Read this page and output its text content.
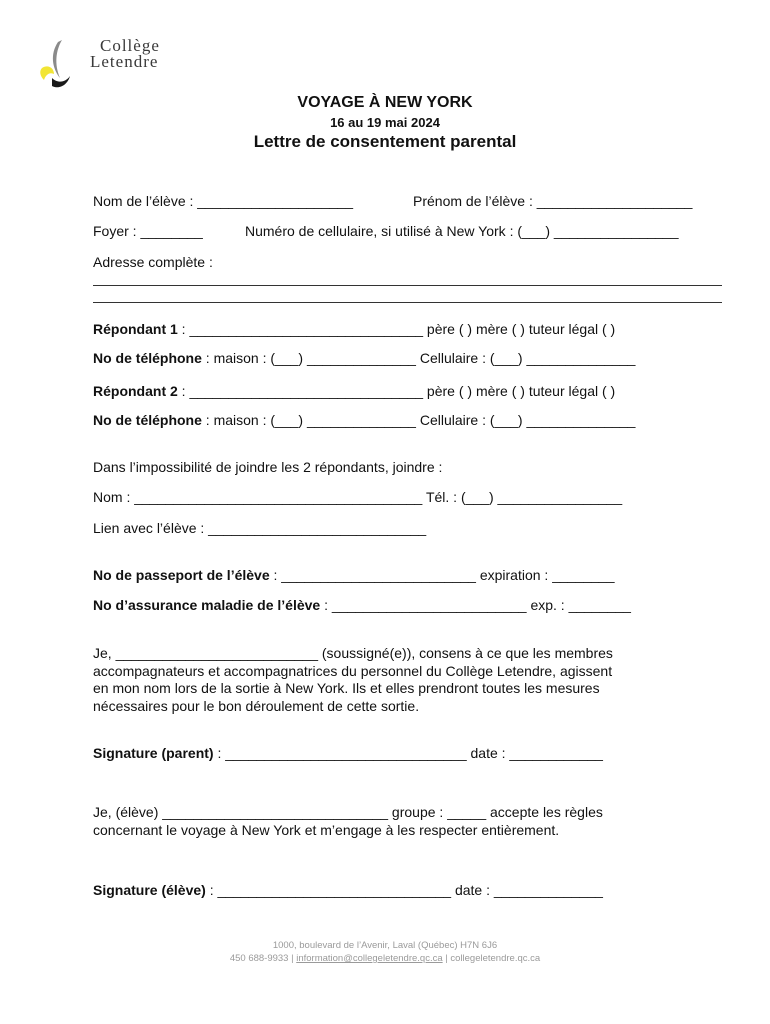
Collège
Letendre
VOYAGE À NEW YORK
16 au 19 mai 2024
Lettre de consentement parental
Nom de l’élève : ____________________	Prénom de l’élève : ____________________
Foyer : ________	Numéro de cellulaire, si utilisé à New York : (___) ________________
Adresse complète :
Répondant 1 : ______________________________ père ( ) mère ( ) tuteur légal ( )
No de téléphone : maison : (___) ______________ Cellulaire : (___) ______________
Répondant 2 : ______________________________ père ( ) mère ( ) tuteur légal ( )
No de téléphone : maison : (___) ______________ Cellulaire : (___) ______________
Dans l’impossibilité de joindre les 2 répondants, joindre :
Nom : _____________________________________ Tél. : (___) ________________
Lien avec l’élève : ____________________________
No de passeport de l’élève : _________________________ expiration : ________
No d’assurance maladie de l’élève : _________________________ exp. : ________
Je, __________________________ (soussigné(e)), consens à ce que les membres
accompagnateurs et accompagnatrices du personnel du Collège Letendre, agissent
en mon nom lors de la sortie à New York. Ils et elles prendront toutes les mesures
nécessaires pour le bon déroulement de cette sortie.
Signature (parent) : _______________________________ date : ____________
Je, (élève) _____________________________ groupe : _____ accepte les règles
concernant le voyage à New York et m’engage à les respecter entièrement.
Signature (élève) : ______________________________ date : ______________
1000, boulevard de l’Avenir, Laval (Québec) H7N 6J6
450 688-9933 | information@collegeletendre.qc.ca | collegeletendre.qc.ca
